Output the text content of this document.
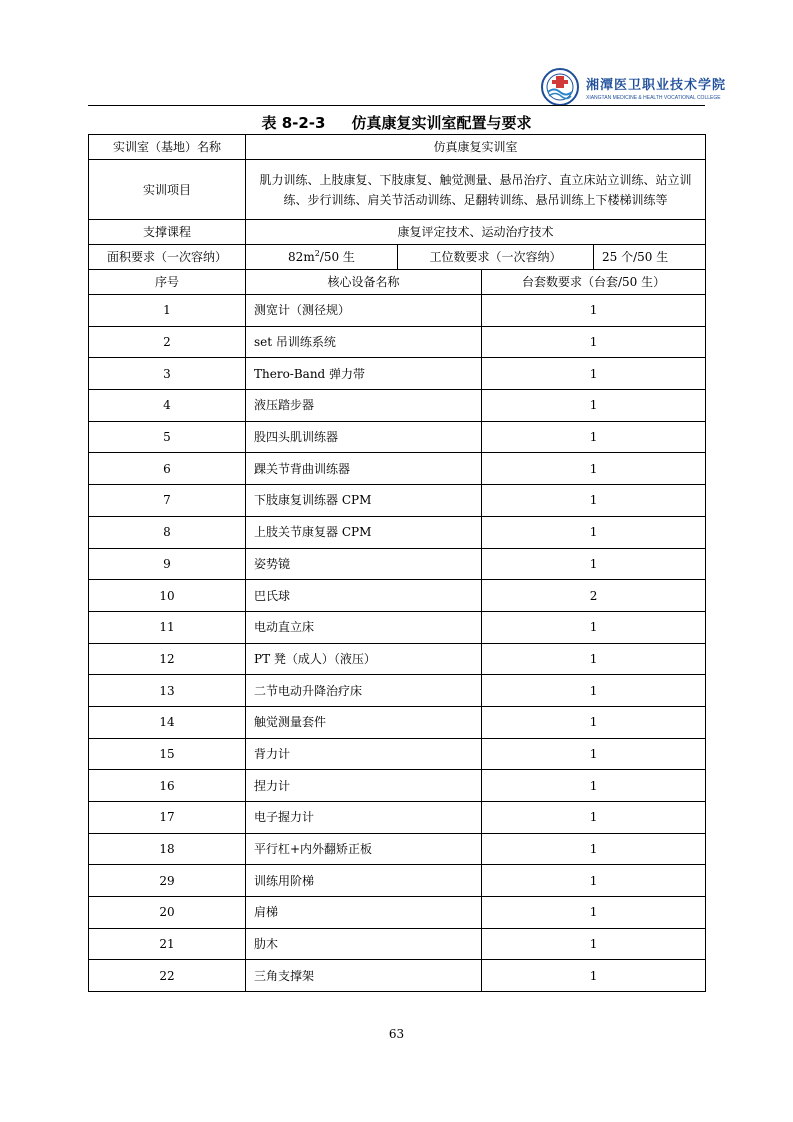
湘潭医卫职业技术学院
XIANGTAN MEDICINE & HEALTH VOCATIONAL COLLEGE
表 8-2-3 仿真康复实训室配置与要求
实训室（基地）名称	仿真康复实训室			
实训项目	肌力训练、上肢康复、下肢康复、触觉测量、悬吊治疗、直立床站立训练、站立训练、步行训练、肩关节活动训练、足翻转训练、悬吊训练上下楼梯训练等			
支撑课程	康复评定技术、运动治疗技术			
面积要求（一次容纳）	$82m^2/50$ 生	工位数要求（一次容纳）		25 个/50 生
序号	核心设备名称		台套数要求（台套/50 生）	
1	测宽计（测径规）		1	
2	set 吊训练系统		1	
3	Thero-Band 弹力带		1	
4	液压踏步器		1	
5	股四头肌训练器		1	
6	踝关节背曲训练器		1	
7	下肢康复训练器 CPM		1	
8	上肢关节康复器 CPM		1	
9	姿势镜		1	
10	巴氏球		2	
11	电动直立床		1	
12	PT 凳（成人）（液压）		1	
13	二节电动升降治疗床		1	
14	触觉测量套件		1	
15	背力计		1	
16	捏力计		1	
17	电子握力计		1	
18	平行杠+内外翻矫正板		1	
29	训练用阶梯		1	
20	肩梯		1	
21	肋木		1	
22	三角支撑架		1	
63
